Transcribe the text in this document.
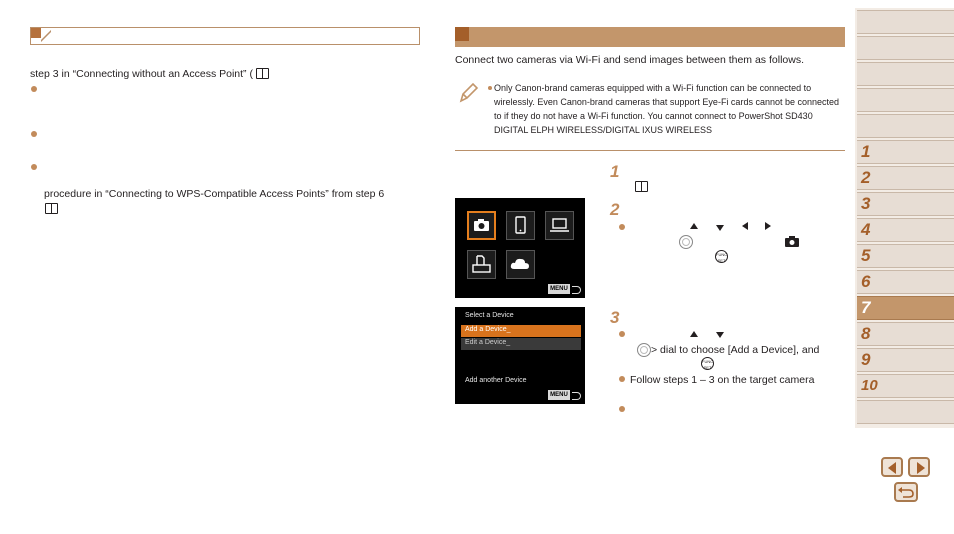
step 3 in “Connecting without an Access Point” (
procedure in “Connecting to WPS-Compatible Access Points” from step 6
Connect two cameras via Wi-Fi and send images between them as follows.
Only Canon-brand cameras equipped with a Wi-Fi function can be connected to wirelessly. Even Canon-brand cameras that support Eye-Fi cards cannot be connected to if they do not have a Wi-Fi function. You cannot connect to PowerShot SD430 DIGITAL ELPH WIRELESS/DIGITAL IXUS WIRELESS
1
2
FUNC SET
3
> dial to choose [Add a Device], and
FUNC SET
Follow steps 1 – 3 on the target camera
MENU
Select a Device
Add a Device_
Edit a Device_
Add another Device
MENU
1
2
3
4
5
6
7
8
9
10
